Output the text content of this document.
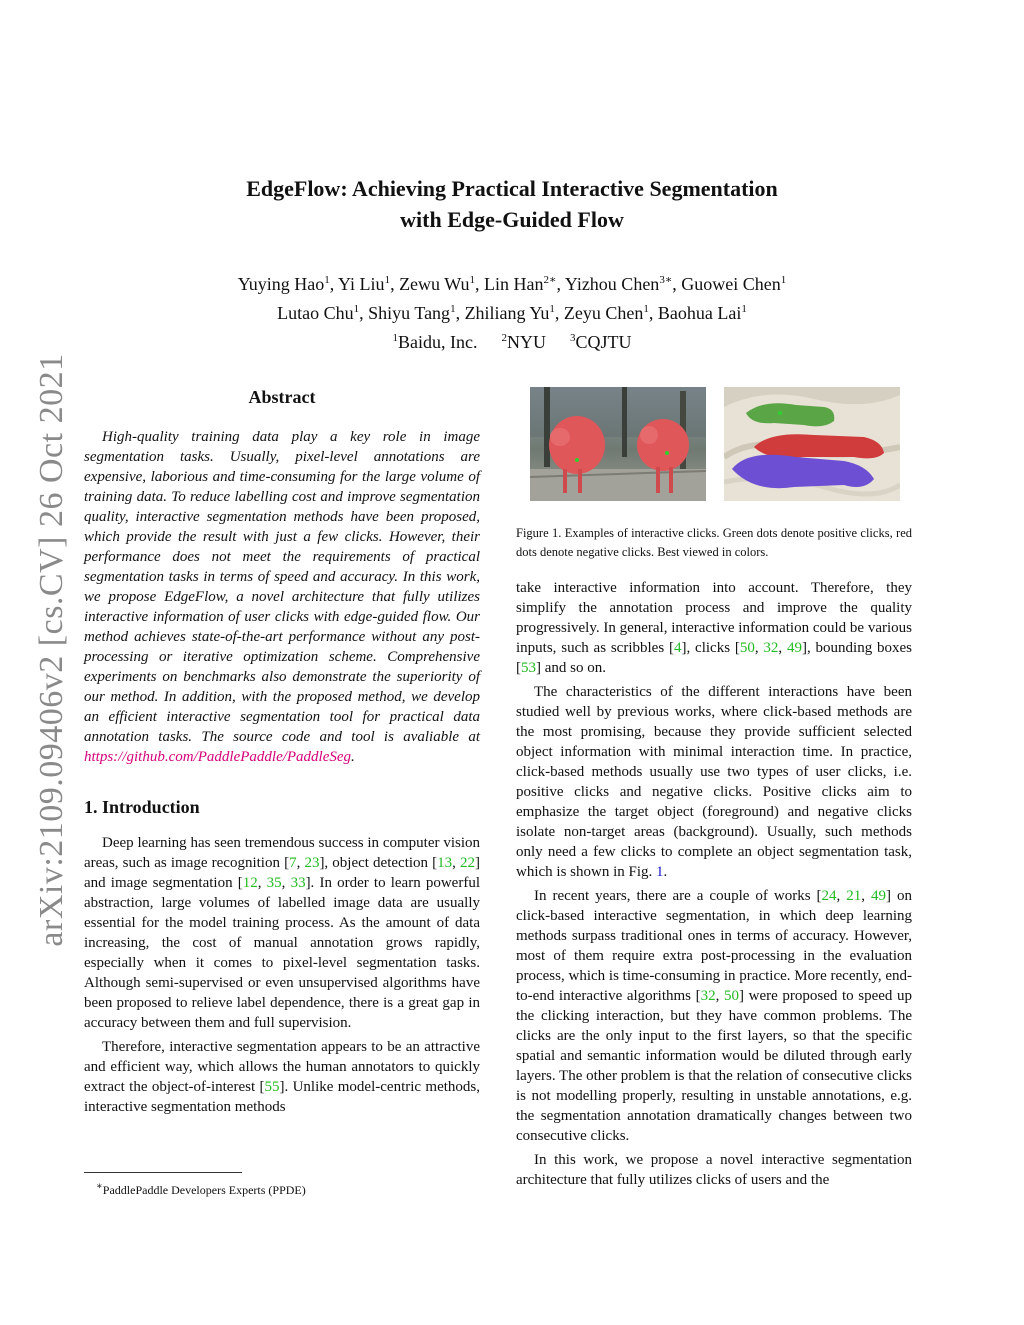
arXiv:2109.09406v2 [cs.CV] 26 Oct 2021
EdgeFlow: Achieving Practical Interactive Segmentation
with Edge-Guided Flow
Yuying Hao$^1$, Yi Liu$^1$, Zewu Wu$^1$, Lin Han$^{2∗}$, Yizhou Chen$^{3∗}$, Guowei Chen$^1$
Lutao Chu$^1$, Shiyu Tang$^1$, Zhiliang Yu$^1$, Zeyu Chen$^1$, Baohua Lai$^1$
$^1$Baidu, Inc. $^2$NYU $^3$CQJTU
Abstract

High-quality training data play a key role in image segmentation tasks. Usually, pixel-level annotations are expensive, laborious and time-consuming for the large volume of training data. To reduce labelling cost and improve segmentation quality, interactive segmentation methods have been proposed, which provide the result with just a few clicks. However, their performance does not meet the requirements of practical segmentation tasks in terms of speed and accuracy. In this work, we propose EdgeFlow, a novel architecture that fully utilizes interactive information of user clicks with edge-guided flow. Our method achieves state-of-the-art performance without any post-processing or iterative optimization scheme. Comprehensive experiments on benchmarks also demonstrate the superiority of our method. In addition, with the proposed method, we develop an efficient interactive segmentation tool for practical data annotation tasks. The source code and tool is avaliable at https://github.com/PaddlePaddle/PaddleSeg.

1. Introduction

Deep learning has seen tremendous success in computer vision areas, such as image recognition [7, 23], object detection [13, 22] and image segmentation [12, 35, 33]. In order to learn powerful abstraction, large volumes of labelled image data are usually essential for the model training process. As the amount of data increasing, the cost of manual annotation grows rapidly, especially when it comes to pixel-level segmentation tasks. Although semi-supervised or even unsupervised algorithms have been proposed to relieve label dependence, there is a great gap in accuracy between them and full supervision.

Therefore, interactive segmentation appears to be an attractive and efficient way, which allows the human annotators to quickly extract the object-of-interest [55]. Unlike model-centric methods, interactive segmentation methods

∗PaddlePaddle Developers Experts (PPDE)
Figure 1. Examples of interactive clicks. Green dots denote positive clicks, red dots denote negative clicks. Best viewed in colors.

take interactive information into account. Therefore, they simplify the annotation process and improve the quality progressively. In general, interactive information could be various inputs, such as scribbles [4], clicks [50, 32, 49], bounding boxes [53] and so on.

The characteristics of the different interactions have been studied well by previous works, where click-based methods are the most promising, because they provide sufficient selected object information with minimal interaction time. In practice, click-based methods usually use two types of user clicks, i.e. positive clicks and negative clicks. Positive clicks aim to emphasize the target object (foreground) and negative clicks isolate non-target areas (background). Usually, such methods only need a few clicks to complete an object segmentation task, which is shown in Fig. 1.

In recent years, there are a couple of works [24, 21, 49] on click-based interactive segmentation, in which deep learning methods surpass traditional ones in terms of accuracy. However, most of them require extra post-processing in the evaluation process, which is time-consuming in practice. More recently, end-to-end interactive algorithms [32, 50] were proposed to speed up the clicking interaction, but they have common problems. The clicks are the only input to the first layers, so that the specific spatial and semantic information would be diluted through early layers. The other problem is that the relation of consecutive clicks is not modelling properly, resulting in unstable annotations, e.g. the segmentation annotation dramatically changes between two consecutive clicks.

In this work, we propose a novel interactive segmentation architecture that fully utilizes clicks of users and the
